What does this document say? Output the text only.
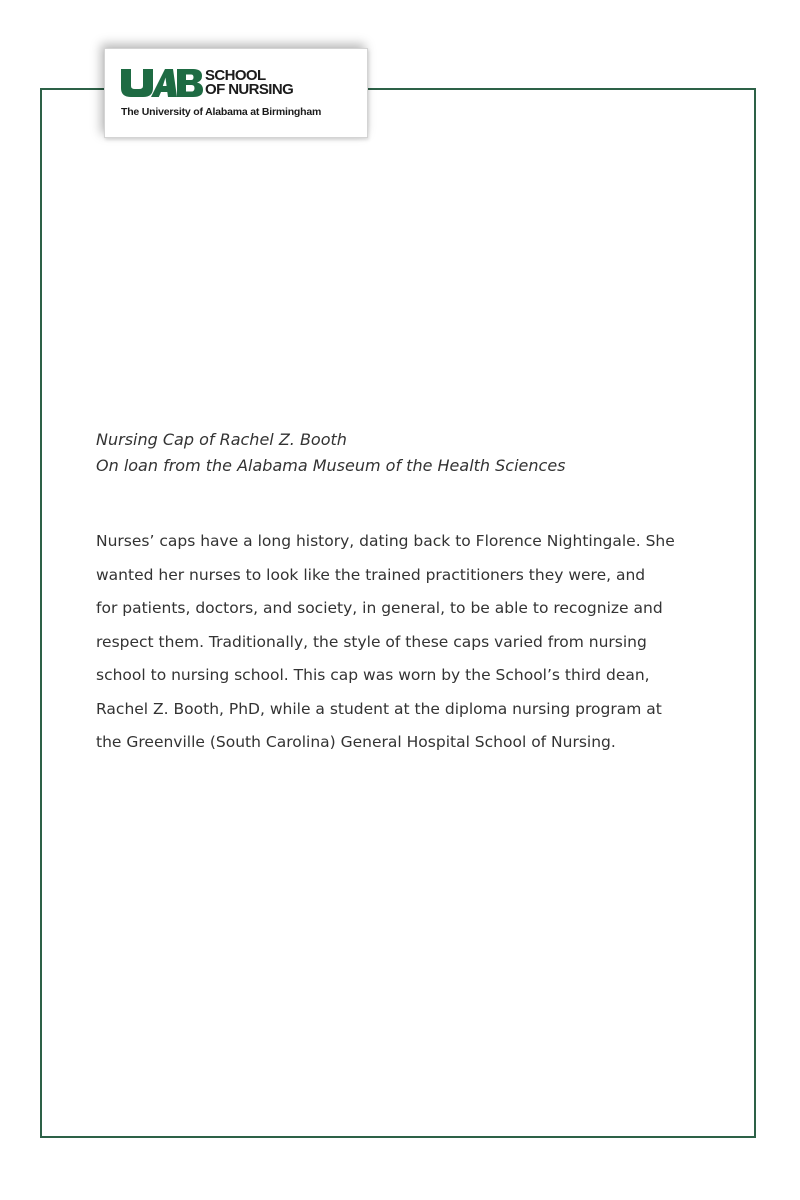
SCHOOL
OF NURSING
The University of Alabama at Birmingham
Nursing Cap of Rachel Z. Booth
On loan from the Alabama Museum of the Health Sciences
Nurses’ caps have a long history, dating back to Florence Nightingale. She
wanted her nurses to look like the trained practitioners they were, and
for patients, doctors, and society, in general, to be able to recognize and
respect them. Traditionally, the style of these caps varied from nursing
school to nursing school. This cap was worn by the School’s third dean,
Rachel Z. Booth, PhD, while a student at the diploma nursing program at
the Greenville (South Carolina) General Hospital School of Nursing.
